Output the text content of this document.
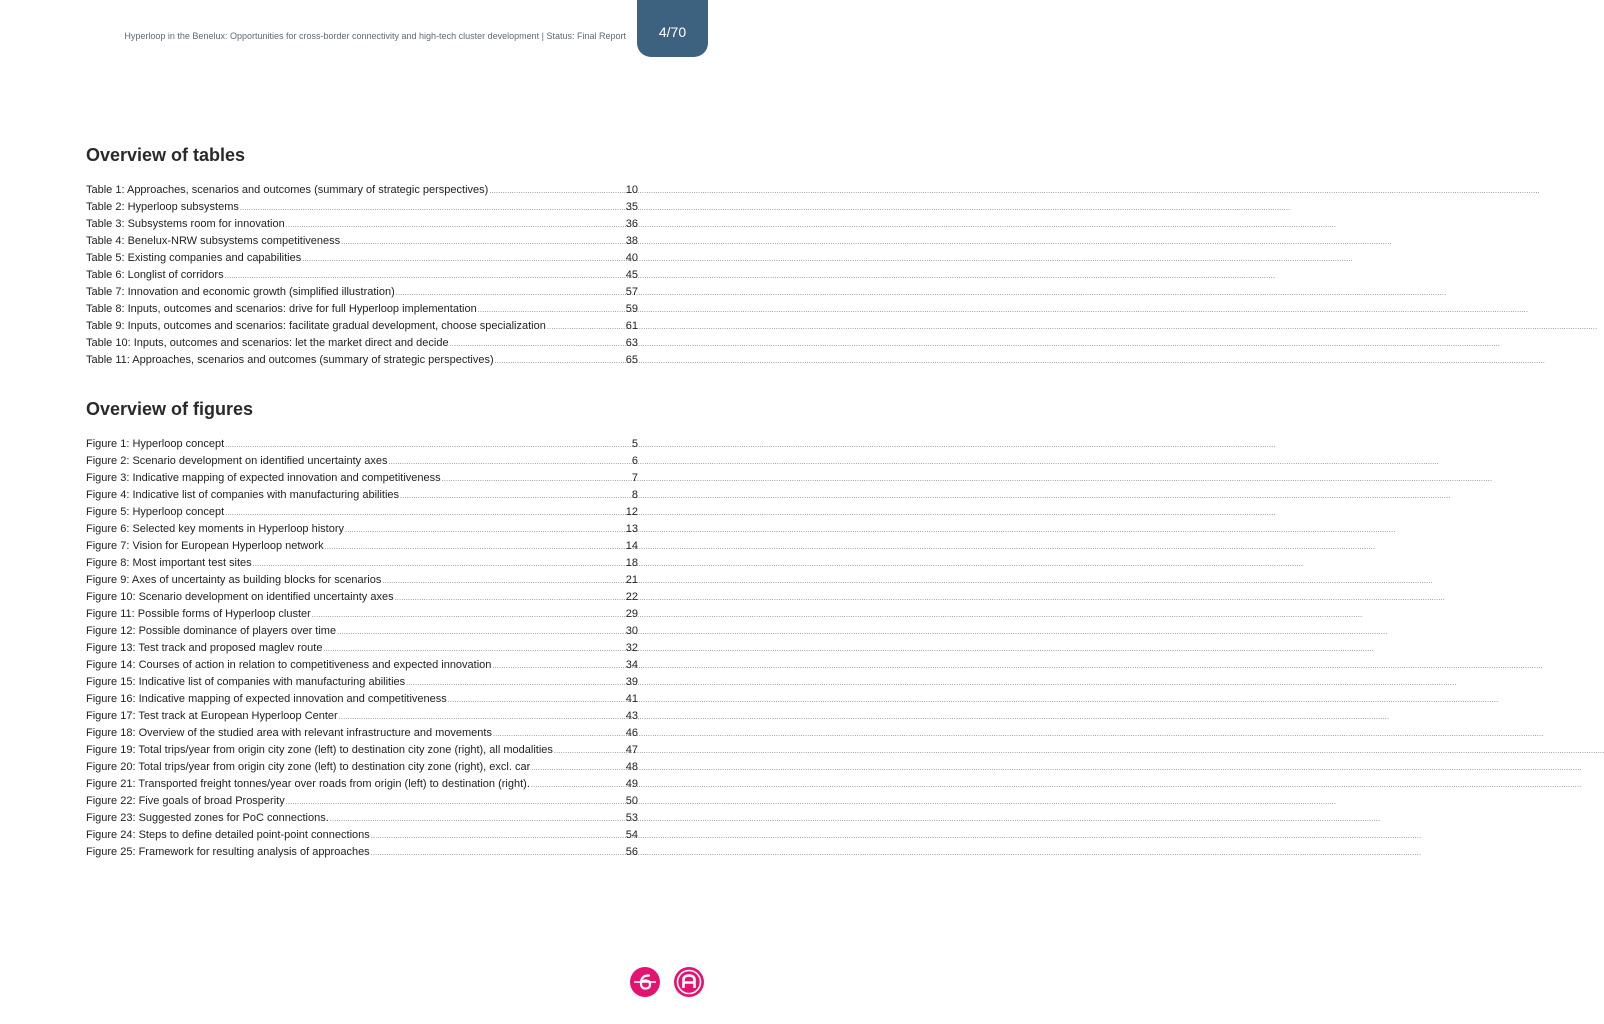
Hyperloop in the Benelux: Opportunities for cross-border connectivity and high-tech cluster development | Status: Final Report	4/70
Overview of tables
Table 1: Approaches, scenarios and outcomes (summary of strategic perspectives) .....	10
Table 2: Hyperloop subsystems .....	35
Table 3: Subsystems room for innovation .....	36
Table 4: Benelux-NRW subsystems competitiveness .....	38
Table 5: Existing companies and capabilities .....	40
Table 6: Longlist of corridors .....	45
Table 7: Innovation and economic growth (simplified illustration) .....	57
Table 8: Inputs, outcomes and scenarios: drive for full Hyperloop implementation .....	59
Table 9: Inputs, outcomes and scenarios: facilitate gradual development, choose specialization .....	61
Table 10: Inputs, outcomes and scenarios: let the market direct and decide .....	63
Table 11: Approaches, scenarios and outcomes (summary of strategic perspectives) .....	65
Overview of figures
Figure 1: Hyperloop concept .....	5
Figure 2: Scenario development on identified uncertainty axes .....	6
Figure 3: Indicative mapping of expected innovation and competitiveness .....	7
Figure 4: Indicative list of companies with manufacturing abilities .....	8
Figure 5: Hyperloop concept .....	12
Figure 6: Selected key moments in Hyperloop history .....	13
Figure 7: Vision for European Hyperloop network .....	14
Figure 8: Most important test sites .....	18
Figure 9: Axes of uncertainty as building blocks for scenarios .....	21
Figure 10: Scenario development on identified uncertainty axes .....	22
Figure 11: Possible forms of Hyperloop cluster .....	29
Figure 12: Possible dominance of players over time .....	30
Figure 13: Test track and proposed maglev route .....	32
Figure 14: Courses of action in relation to competitiveness and expected innovation .....	34
Figure 15: Indicative list of companies with manufacturing abilities .....	39
Figure 16: Indicative mapping of expected innovation and competitiveness .....	41
Figure 17: Test track at European Hyperloop Center .....	43
Figure 18: Overview of the studied area with relevant infrastructure and movements .....	46
Figure 19: Total trips/year from origin city zone (left) to destination city zone (right), all modalities .....	47
Figure 20: Total trips/year from origin city zone (left) to destination city zone (right), excl. car .....	48
Figure 21: Transported freight tonnes/year over roads from origin (left) to destination (right). .....	49
Figure 22: Five goals of broad Prosperity .....	50
Figure 23: Suggested zones for PoC connections. .....	53
Figure 24: Steps to define detailed point-point connections .....	54
Figure 25: Framework for resulting analysis of approaches .....	56
